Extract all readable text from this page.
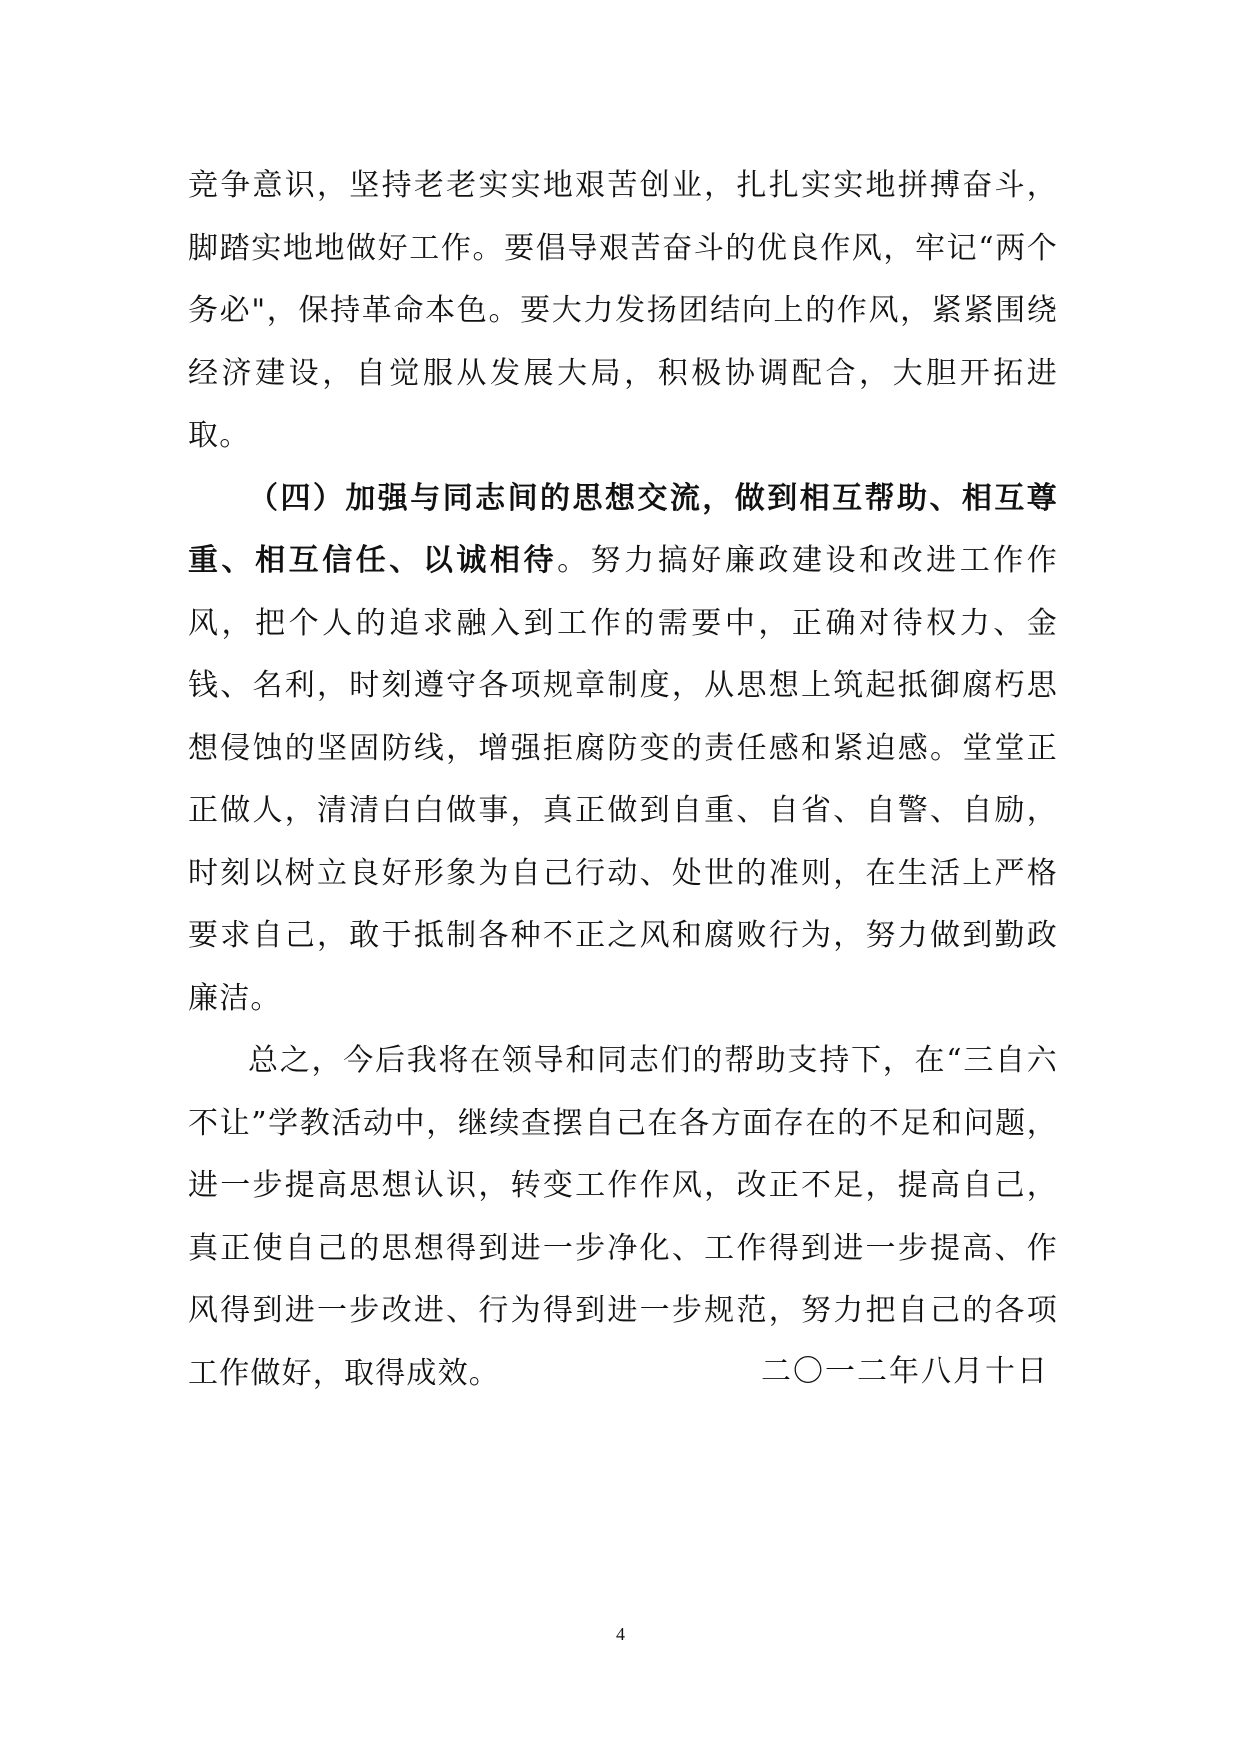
竞争意识，坚持老老实实地艰苦创业，扎扎实实地拼搏奋斗，脚踏实地地做好工作。要倡导艰苦奋斗的优良作风，牢记“两个务必"，保持革命本色。要大力发扬团结向上的作风，紧紧围绕经济建设，自觉服从发展大局，积极协调配合，大胆开拓进取。

（四）加强与同志间的思想交流，做到相互帮助、相互尊重、相互信任、以诚相待。努力搞好廉政建设和改进工作作风，把个人的追求融入到工作的需要中，正确对待权力、金钱、名利，时刻遵守各项规章制度，从思想上筑起抵御腐朽思想侵蚀的坚固防线，增强拒腐防变的责任感和紧迫感。堂堂正正做人，清清白白做事，真正做到自重、自省、自警、自励，时刻以树立良好形象为自己行动、处世的准则，在生活上严格要求自己，敢于抵制各种不正之风和腐败行为，努力做到勤政廉洁。

总之，今后我将在领导和同志们的帮助支持下，在“三自六不让”学教活动中，继续查摆自己在各方面存在的不足和问题，进一步提高思想认识，转变工作作风，改正不足，提高自己，真正使自己的思想得到进一步净化、工作得到进一步提高、作风得到进一步改进、行为得到进一步规范，努力把自己的各项工作做好，取得成效。	二〇一二年八月十日
4
